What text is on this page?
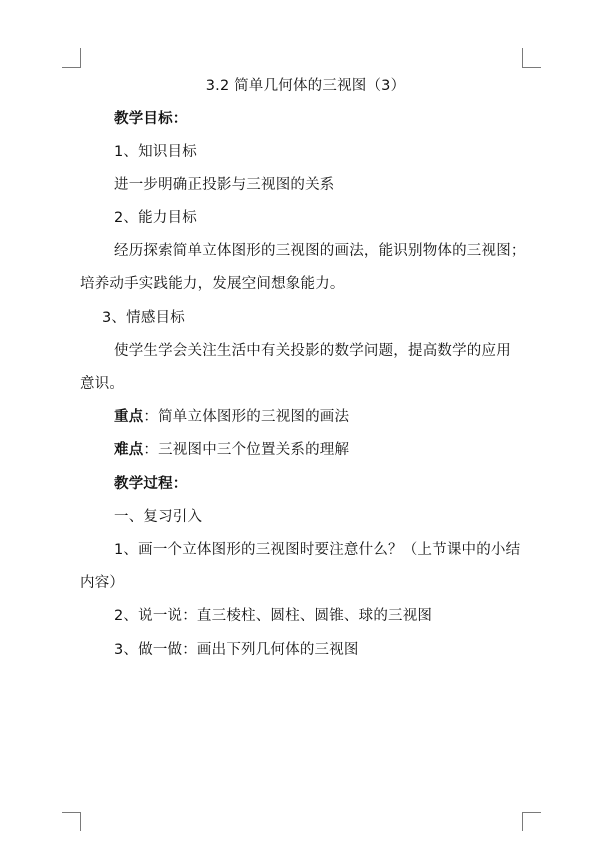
3.2 简单几何体的三视图（3）
教学目标：
1、知识目标
进一步明确正投影与三视图的关系
2、能力目标
经历探索简单立体图形的三视图的画法，能识别物体的三视图；
培养动手实践能力，发展空间想象能力。
3、情感目标
使学生学会关注生活中有关投影的数学问题，提高数学的应用
意识。
重点：简单立体图形的三视图的画法
难点：三视图中三个位置关系的理解
教学过程：
一、复习引入
1、画一个立体图形的三视图时要注意什么？（上节课中的小结
内容）
2、说一说：直三棱柱、圆柱、圆锥、球的三视图
3、做一做：画出下列几何体的三视图
